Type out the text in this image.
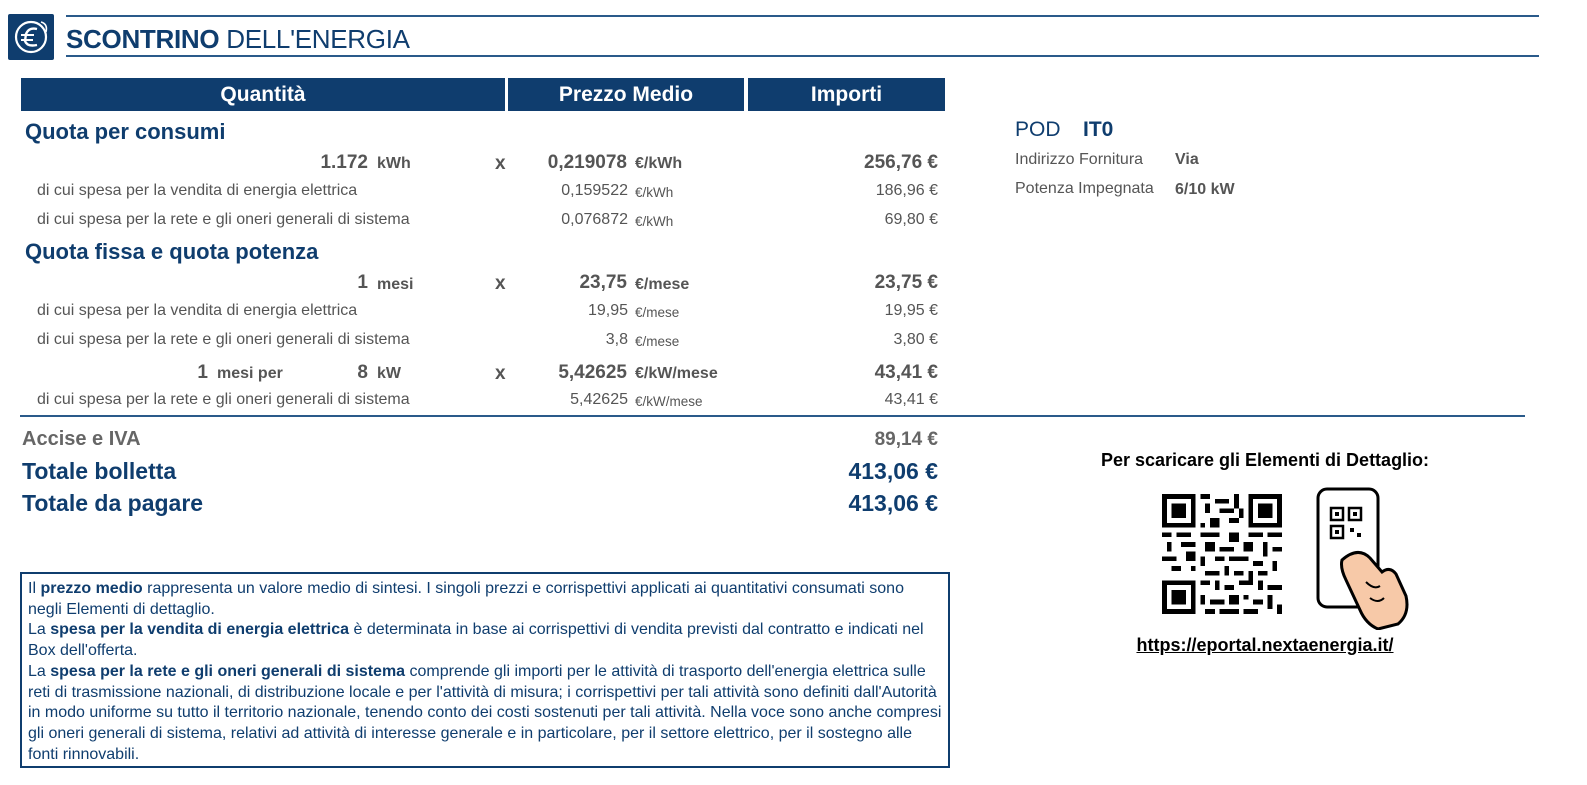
SCONTRINO DELL'ENERGIA
Quantità	Prezzo Medio	Importi
Quota per consumi
1.172 kWh	x	0,219078 €/kWh	256,76 €
di cui spesa per la vendita di energia elettrica	0,159522 €/kWh	186,96 €
di cui spesa per la rete e gli oneri generali di sistema	0,076872 €/kWh	69,80 €
Quota fissa e quota potenza
1 mesi	x	23,75 €/mese	23,75 €
di cui spesa per la vendita di energia elettrica	19,95 €/mese	19,95 €
di cui spesa per la rete e gli oneri generali di sistema	3,8 €/mese	3,80 €
1 mesi per	8 kW	x	5,42625 €/kW/mese	43,41 €
di cui spesa per la rete e gli oneri generali di sistema	5,42625 €/kW/mese	43,41 €
Accise e IVA	89,14 €
Totale bolletta	413,06 €
Totale da pagare	413,06 €
POD IT0
Indirizzo Fornitura Via
Potenza Impegnata 6/10 kW
Per scaricare gli Elementi di Dettaglio:
https://eportal.nextaenergia.it/
Il prezzo medio rappresenta un valore medio di sintesi. I singoli prezzi e corrispettivi applicati ai quantitativi consumati sono negli Elementi di dettaglio.
La spesa per la vendita di energia elettrica è determinata in base ai corrispettivi di vendita previsti dal contratto e indicati nel Box dell'offerta.
La spesa per la rete e gli oneri generali di sistema comprende gli importi per le attività di trasporto dell'energia elettrica sulle reti di trasmissione nazionali, di distribuzione locale e per l'attività di misura; i corrispettivi per tali attività sono definiti dall'Autorità in modo uniforme su tutto il territorio nazionale, tenendo conto dei costi sostenuti per tali attività. Nella voce sono anche compresi gli oneri generali di sistema, relativi ad attività di interesse generale e in particolare, per il settore elettrico, per il sostegno alle fonti rinnovabili.
